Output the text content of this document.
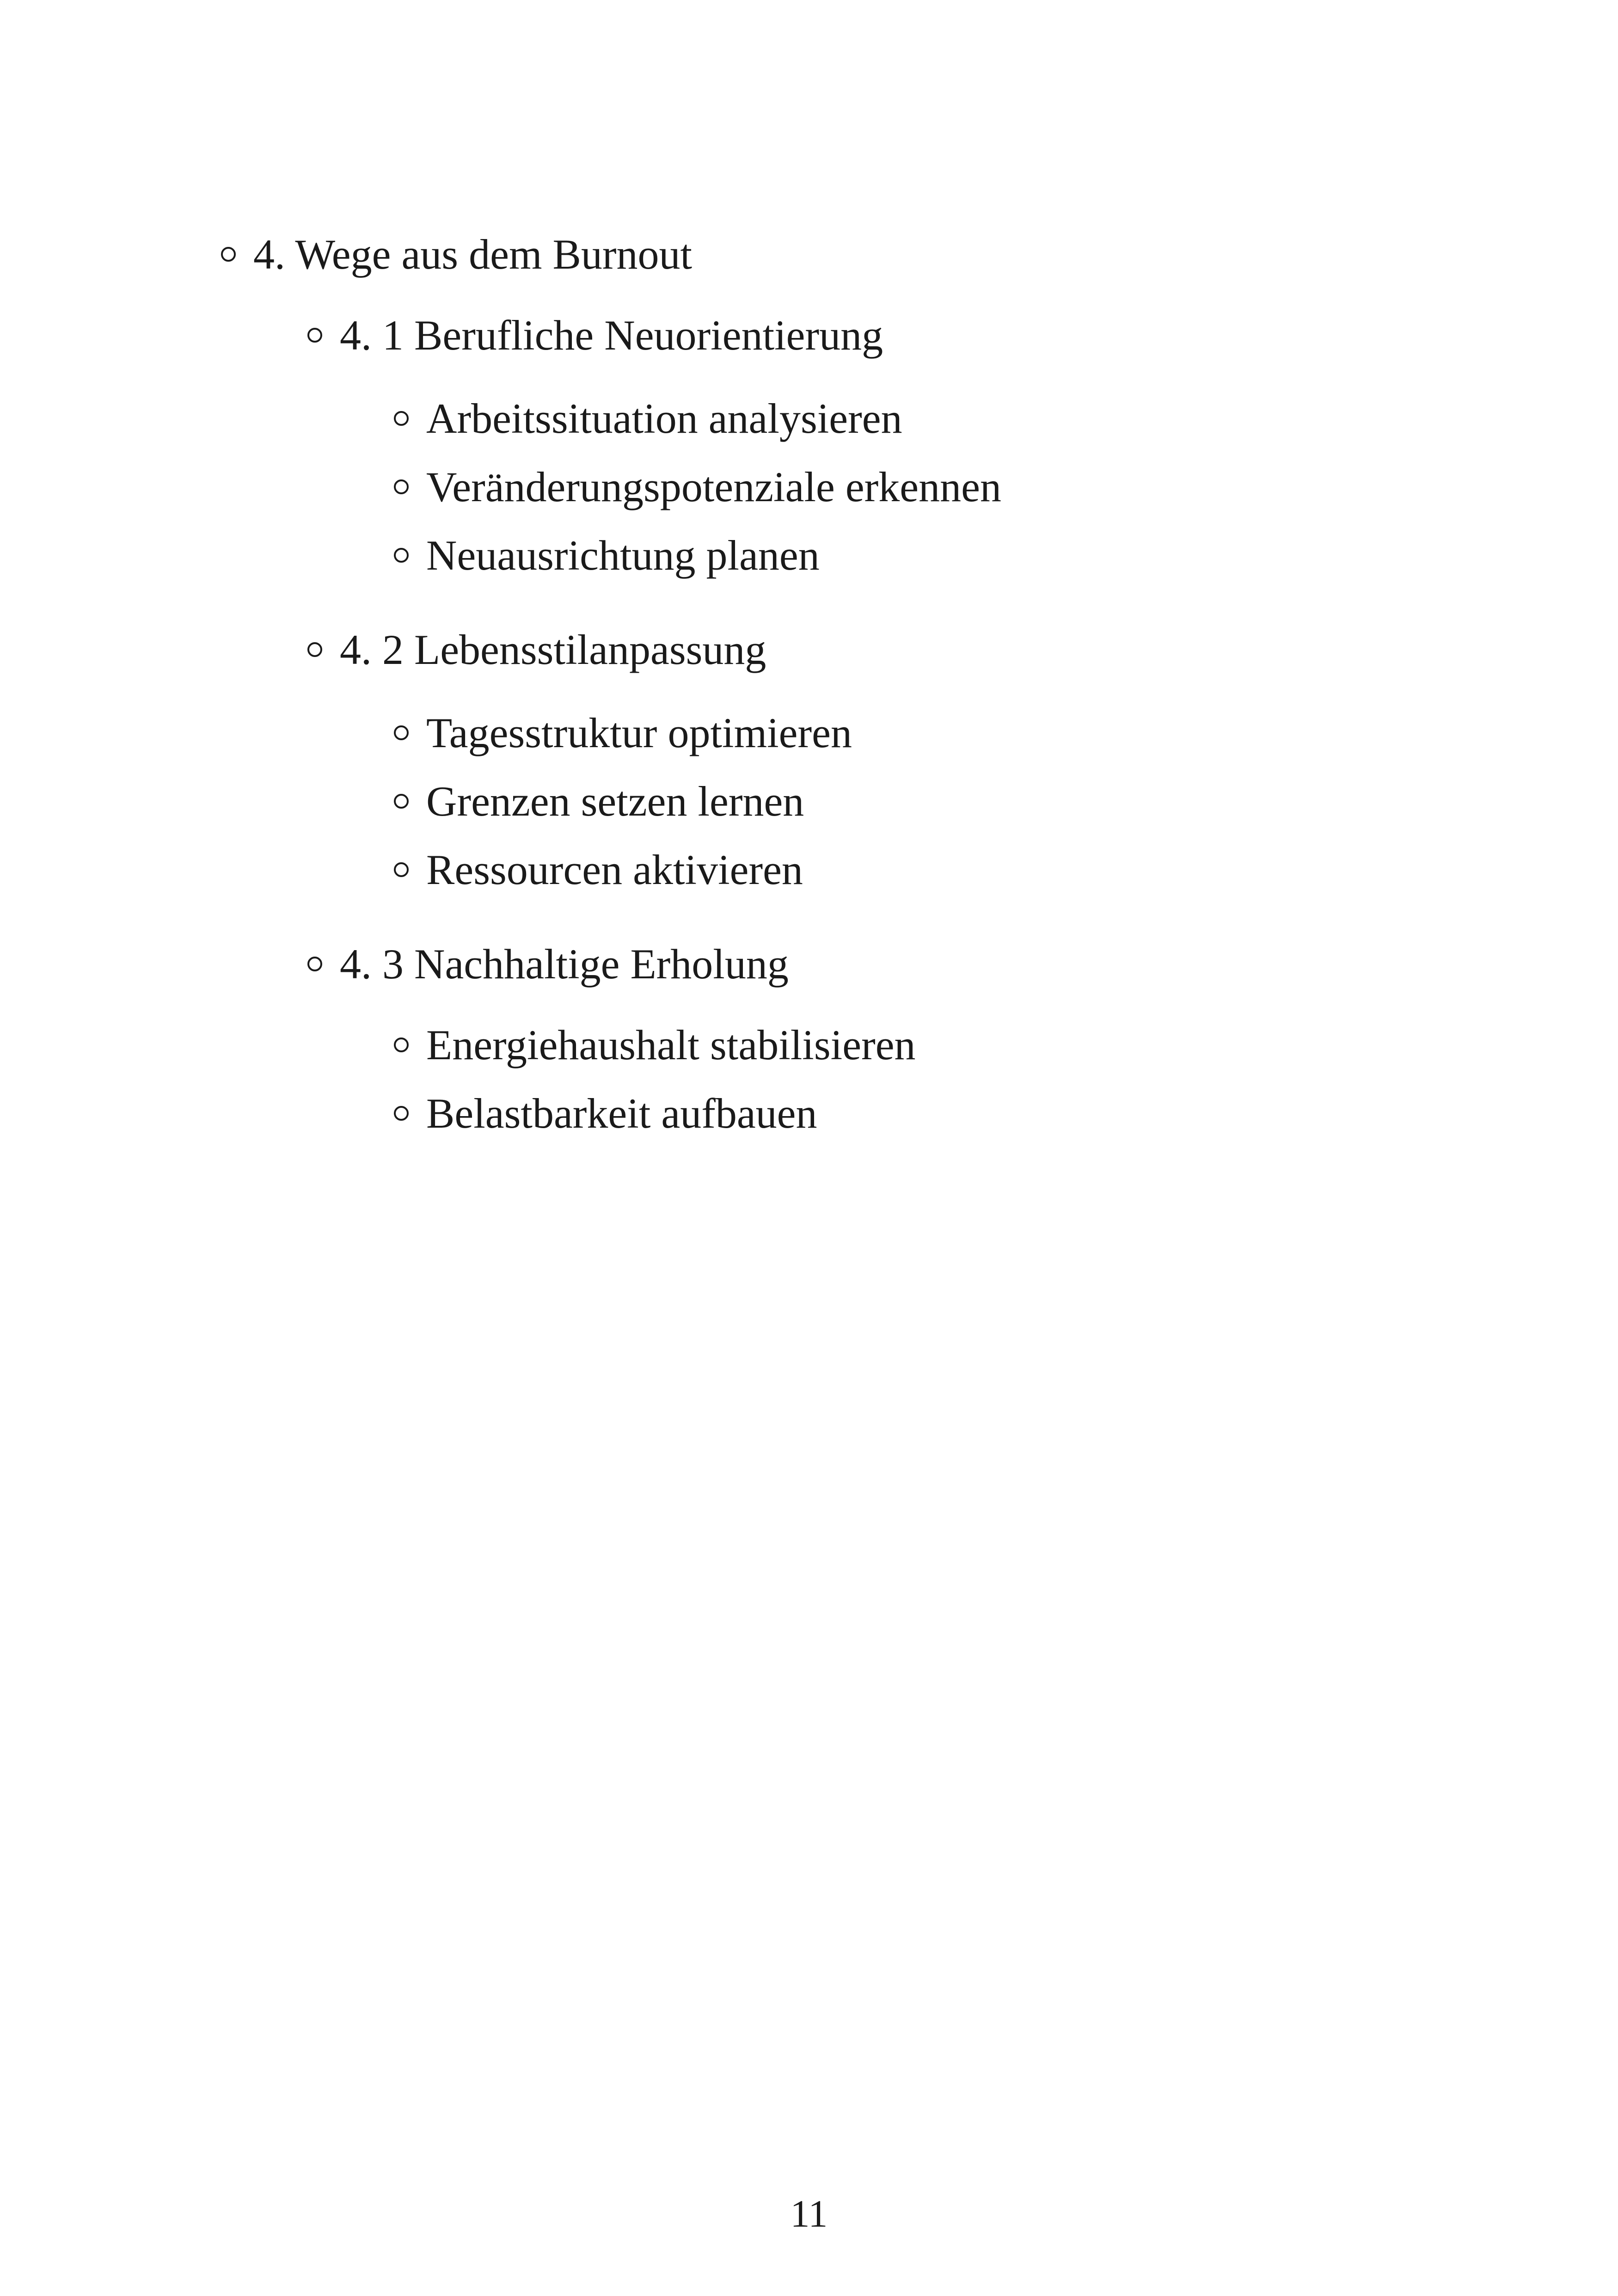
4. Wege aus dem Burnout
4. 1 Berufliche Neuorientierung
Arbeitssituation analysieren
Veränderungspotenziale erkennen
Neuausrichtung planen
4. 2 Lebensstilanpassung
Tagesstruktur optimieren
Grenzen setzen lernen
Ressourcen aktivieren
4. 3 Nachhaltige Erholung
Energiehaushalt stabilisieren
Belastbarkeit aufbauen
11
